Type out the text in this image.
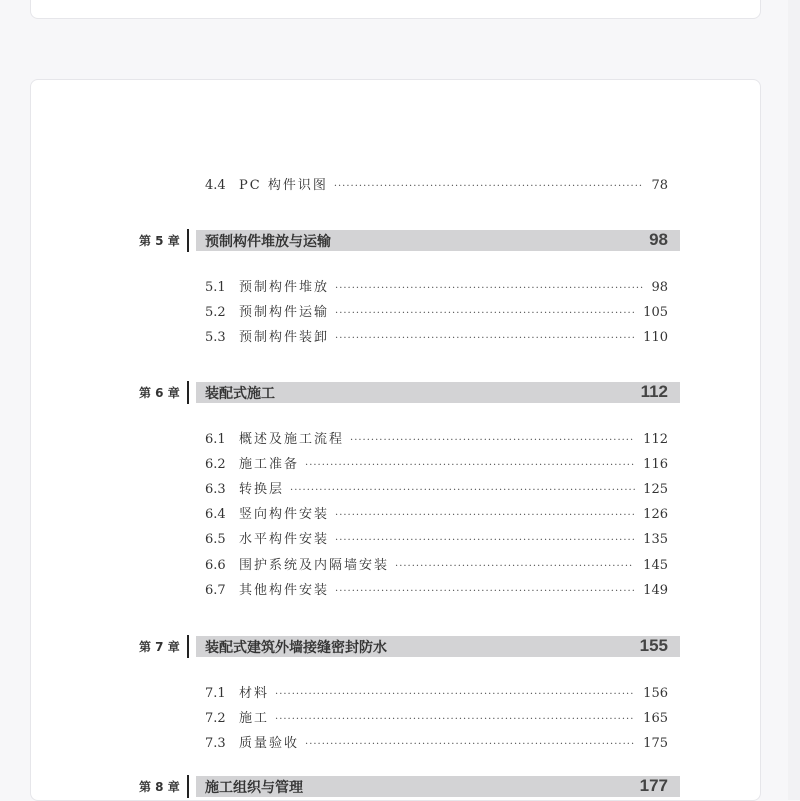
4.4	PC 构件识图 ·········································································· 78
第 5 章 预制构件堆放与运输	98
5.1	预制构件堆放 ·········································································· 98
5.2	预制构件运输 ········································································ 105
5.3	预制构件装卸 ········································································ 110
第 6 章 装配式施工	112
6.1	概述及施工流程 ···································································· 112
6.2	施工准备 ··············································································· 116
6.3	转换层 ··················································································· 125
6.4	竖向构件安装 ········································································ 126
6.5	水平构件安装 ········································································ 135
6.6	围护系统及内隔墙安装 ························································· 145
6.7	其他构件安装 ········································································ 149
第 7 章 装配式建筑外墙接缝密封防水	155
7.1	材料 ······················································································ 156
7.2	施工 ······················································································ 165
7.3	质量验收 ··············································································· 175
第 8 章 施工组织与管理	177
